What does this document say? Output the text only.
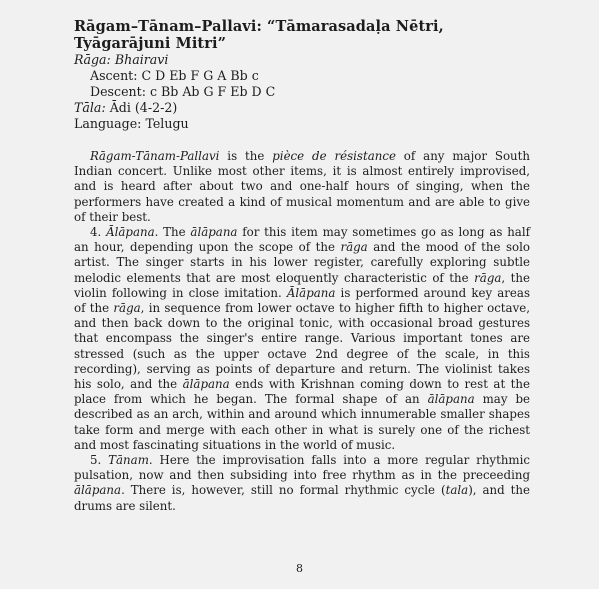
Rāgam–Tānam–Pallavi: “Tāmarasadaḷa Nētri, Tyāgarājuni Mitri”
Rāga: Bhairavi
Ascent: C D Eb F G A Bb c
Descent: c Bb Ab G F Eb D C
Tāla: Ādi (4-2-2)
Language: Telugu

Rāgam-Tānam-Pallavi is the pièce de résistance of any major South Indian concert. Unlike most other items, it is almost entirely improvised, and is heard after about two and one-half hours of singing, when the performers have created a kind of musical momentum and are able to give of their best.

4. Ālāpana. The ālāpana for this item may sometimes go as long as half an hour, depending upon the scope of the rāga and the mood of the solo artist. The singer starts in his lower register, carefully exploring subtle melodic elements that are most eloquently characteristic of the rāga, the violin following in close imitation. Ālāpana is performed around key areas of the rāga, in sequence from lower octave to higher fifth to higher octave, and then back down to the original tonic, with occasional broad gestures that encompass the singer's entire range. Various important tones are stressed (such as the upper octave 2nd degree of the scale, in this recording), serving as points of departure and return. The violinist takes his solo, and the ālāpana ends with Krishnan coming down to rest at the place from which he began. The formal shape of an ālāpana may be described as an arch, within and around which innumerable smaller shapes take form and merge with each other in what is surely one of the richest and most fascinating situations in the world of music.

5. Tānam. Here the improvisation falls into a more regular rhythmic pulsation, now and then subsiding into free rhythm as in the preceeding ālāpana. There is, however, still no formal rhythmic cycle (tala), and the drums are silent.

8
